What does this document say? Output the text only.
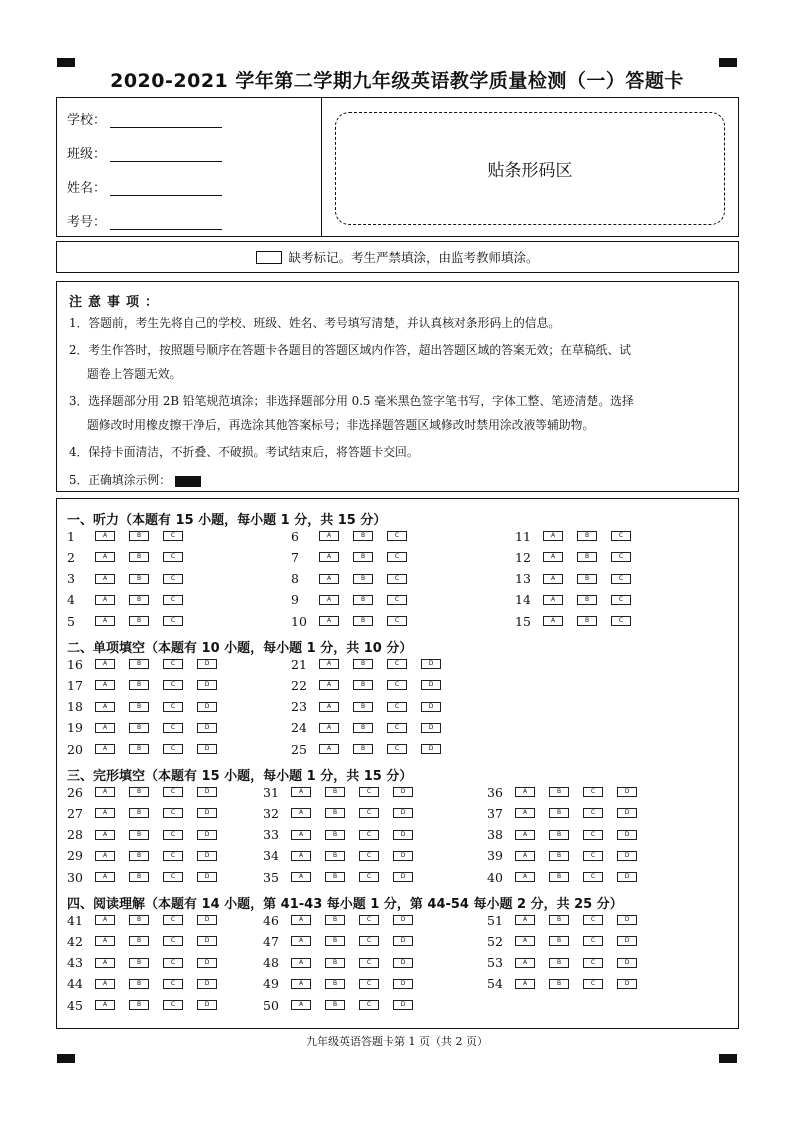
2020-2021 学年第二学期九年级英语教学质量检测（一）答题卡
学校：
班级：
姓名：
考号：
贴条形码区
缺考标记。考生严禁填涂，由监考教师填涂。
注意事项：
1．答题前，考生先将自己的学校、班级、姓名、考号填写清楚，并认真核对条形码上的信息。
2．考生作答时，按照题号顺序在答题卡各题目的答题区域内作答，超出答题区域的答案无效；在草稿纸、试
题卷上答题无效。
3．选择题部分用 2B 铅笔规范填涂；非选择题部分用 0.5 毫米黑色签字笔书写，字体工整、笔迹清楚。选择
题修改时用橡皮擦干净后，再选涂其他答案标号；非选择题答题区域修改时禁用涂改液等辅助物。
4．保持卡面清洁，不折叠、不破损。考试结束后，将答题卡交回。
5．正确填涂示例：
一、听力（本题有 15 小题，每小题 1 分，共 15 分）
1	A	B	C
2	A	B	C
3	A	B	C
4	A	B	C
5	A	B	C
6	A	B	C
7	A	B	C
8	A	B	C
9	A	B	C
10	A	B	C
11	A	B	C
12	A	B	C
13	A	B	C
14	A	B	C
15	A	B	C
二、单项填空（本题有 10 小题，每小题 1 分，共 10 分）
16	A	B	C	D
17	A	B	C	D
18	A	B	C	D
19	A	B	C	D
20	A	B	C	D
21	A	B	C	D
22	A	B	C	D
23	A	B	C	D
24	A	B	C	D
25	A	B	C	D
三、完形填空（本题有 15 小题，每小题 1 分，共 15 分）
26	A	B	C	D
27	A	B	C	D
28	A	B	C	D
29	A	B	C	D
30	A	B	C	D
31	A	B	C	D
32	A	B	C	D
33	A	B	C	D
34	A	B	C	D
35	A	B	C	D
36	A	B	C	D
37	A	B	C	D
38	A	B	C	D
39	A	B	C	D
40	A	B	C	D
四、阅读理解（本题有 14 小题，第 41-43 每小题 1 分，第 44-54 每小题 2 分，共 25 分）
41	A	B	C	D
42	A	B	C	D
43	A	B	C	D
44	A	B	C	D
45	A	B	C	D
46	A	B	C	D
47	A	B	C	D
48	A	B	C	D
49	A	B	C	D
50	A	B	C	D
51	A	B	C	D
52	A	B	C	D
53	A	B	C	D
54	A	B	C	D
九年级英语答题卡第 1 页（共 2 页）
